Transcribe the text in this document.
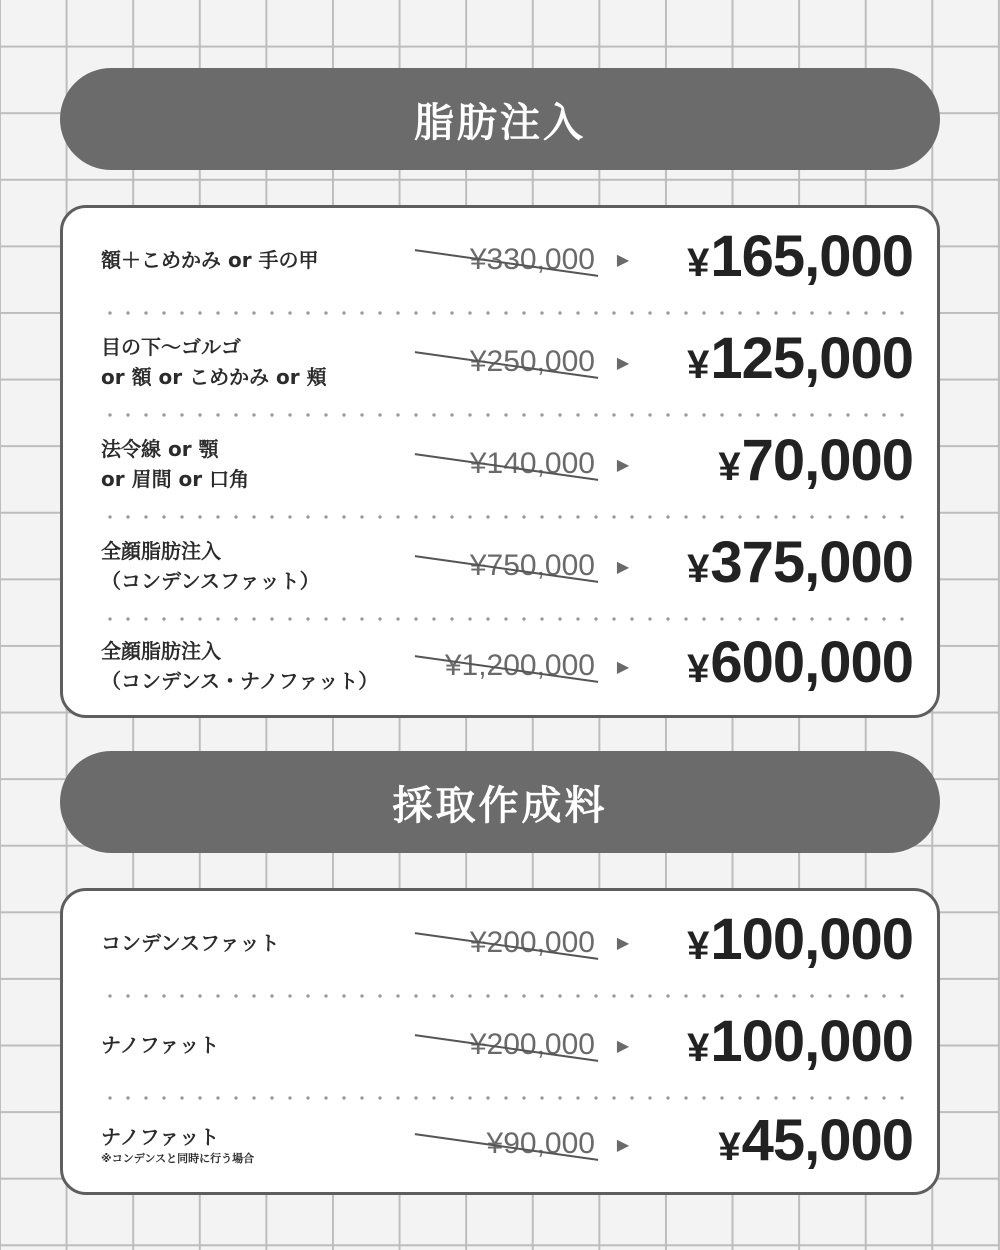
脂肪注入
額＋こめかみ or 手の甲	¥330,000	▶	¥165,000
目の下〜ゴルゴ
or 額 or こめかみ or 頬	¥250,000	▶	¥125,000
法令線 or 顎
or 眉間 or 口角	¥140,000	▶	¥70,000
全顔脂肪注入
（コンデンスファット）	¥750,000	▶	¥375,000
全顔脂肪注入
（コンデンス・ナノファット）	¥1,200,000	▶	¥600,000
採取作成料
コンデンスファット	¥200,000	▶	¥100,000
ナノファット	¥200,000	▶	¥100,000
ナノファット
※コンデンスと同時に行う場合	¥90,000	▶	¥45,000
